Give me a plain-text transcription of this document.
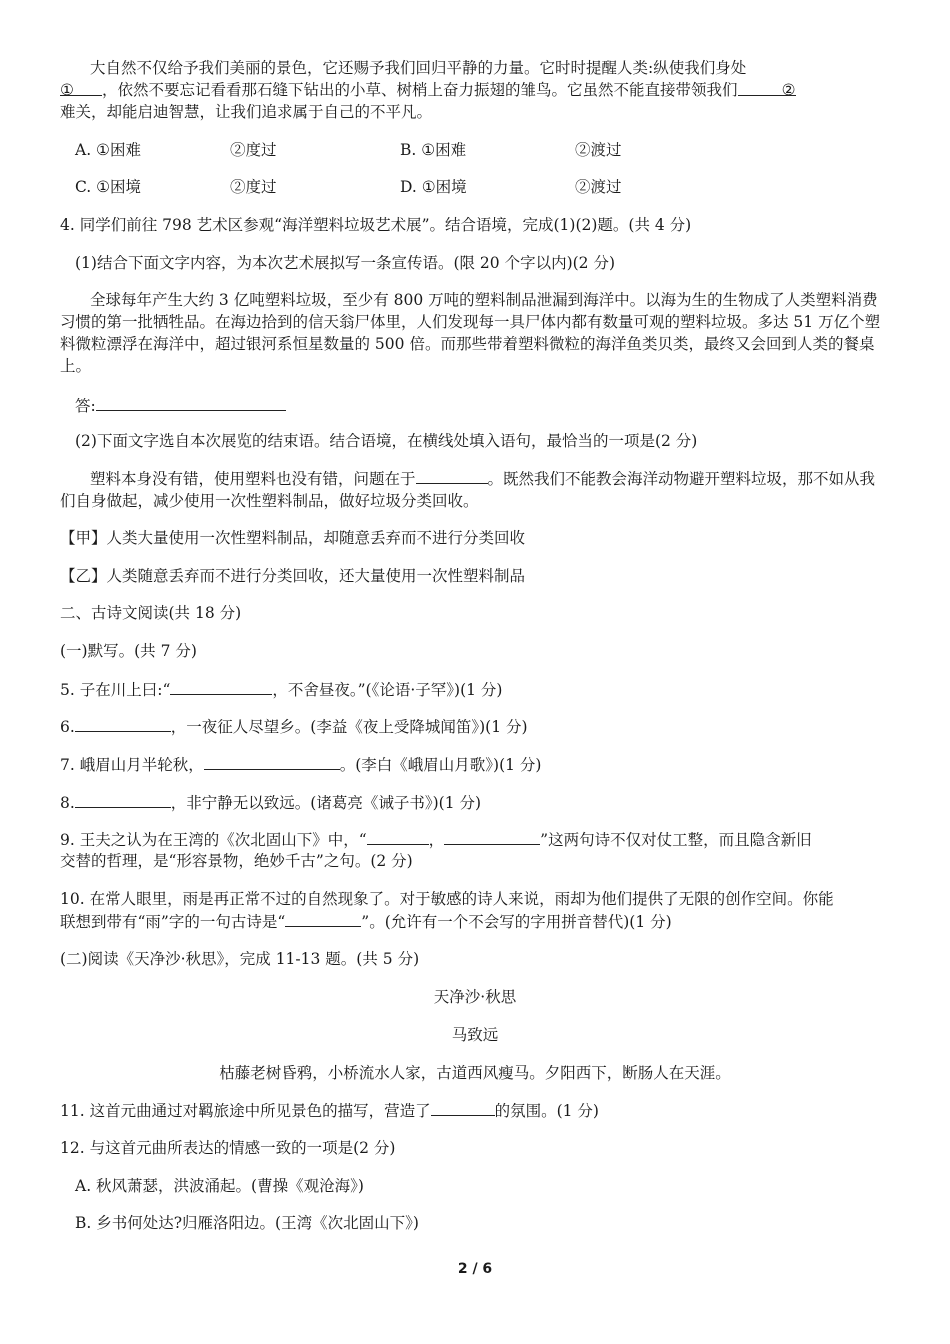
大自然不仅给予我们美丽的景色，它还赐予我们回归平静的力量。它时时提醒人类:纵使我们身处
① ，依然不要忘记看看那石缝下钻出的小草、树梢上奋力振翅的雏鸟。它虽然不能直接带领我们	②
难关，却能启迪智慧，让我们追求属于自己的不平凡。
A. ①困难	②度过	B. ①困难	②渡过
C. ①困境	②度过	D. ①困境	②渡过
4. 同学们前往 798 艺术区参观“海洋塑料垃圾艺术展”。结合语境，完成(1)(2)题。(共 4 分)
(1)结合下面文字内容，为本次艺术展拟写一条宣传语。(限 20 个字以内)(2 分)
全球每年产生大约 3 亿吨塑料垃圾，至少有 800 万吨的塑料制品泄漏到海洋中。以海为生的生物成了人类塑料消费习惯的第一批牺牲品。在海边拾到的信天翁尸体里，人们发现每一具尸体内都有数量可观的塑料垃圾。多达 51 万亿个塑料微粒漂浮在海洋中，超过银河系恒星数量的 500 倍。而那些带着塑料微粒的海洋鱼类贝类，最终又会回到人类的餐桌上。
答:
(2)下面文字选自本次展览的结束语。结合语境，在横线处填入语句，最恰当的一项是(2 分)
塑料本身没有错，使用塑料也没有错，问题在于	。既然我们不能教会海洋动物避开塑料垃圾，那不如从我们自身做起，减少使用一次性塑料制品，做好垃圾分类回收。
【甲】人类大量使用一次性塑料制品，却随意丢弃而不进行分类回收
【乙】人类随意丢弃而不进行分类回收，还大量使用一次性塑料制品
二、古诗文阅读(共 18 分)
(一)默写。(共 7 分)
5. 子在川上曰:“	，不舍昼夜。”(《论语·子罕》)(1 分)
6.	，一夜征人尽望乡。(李益《夜上受降城闻笛》)(1 分)
7. 峨眉山月半轮秋，	。(李白《峨眉山月歌》)(1 分)
8.	，非宁静无以致远。(诸葛亮《诫子书》)(1 分)
9. 王夫之认为在王湾的《次北固山下》中，“	，	”这两句诗不仅对仗工整，而且隐含新旧
交替的哲理，是“形容景物，绝妙千古”之句。(2 分)
10. 在常人眼里，雨是再正常不过的自然现象了。对于敏感的诗人来说，雨却为他们提供了无限的创作空间。你能
联想到带有“雨”字的一句古诗是“	”。(允许有一个不会写的字用拼音替代)(1 分)
(二)阅读《天净沙·秋思》，完成 11-13 题。(共 5 分)
天净沙·秋思
马致远
枯藤老树昏鸦，小桥流水人家，古道西风瘦马。夕阳西下，断肠人在天涯。
11. 这首元曲通过对羁旅途中所见景色的描写，营造了	的氛围。(1 分)
12. 与这首元曲所表达的情感一致的一项是(2 分)
A. 秋风萧瑟，洪波涌起。(曹操《观沧海》)
B. 乡书何处达?归雁洛阳边。(王湾《次北固山下》)
2 / 6
